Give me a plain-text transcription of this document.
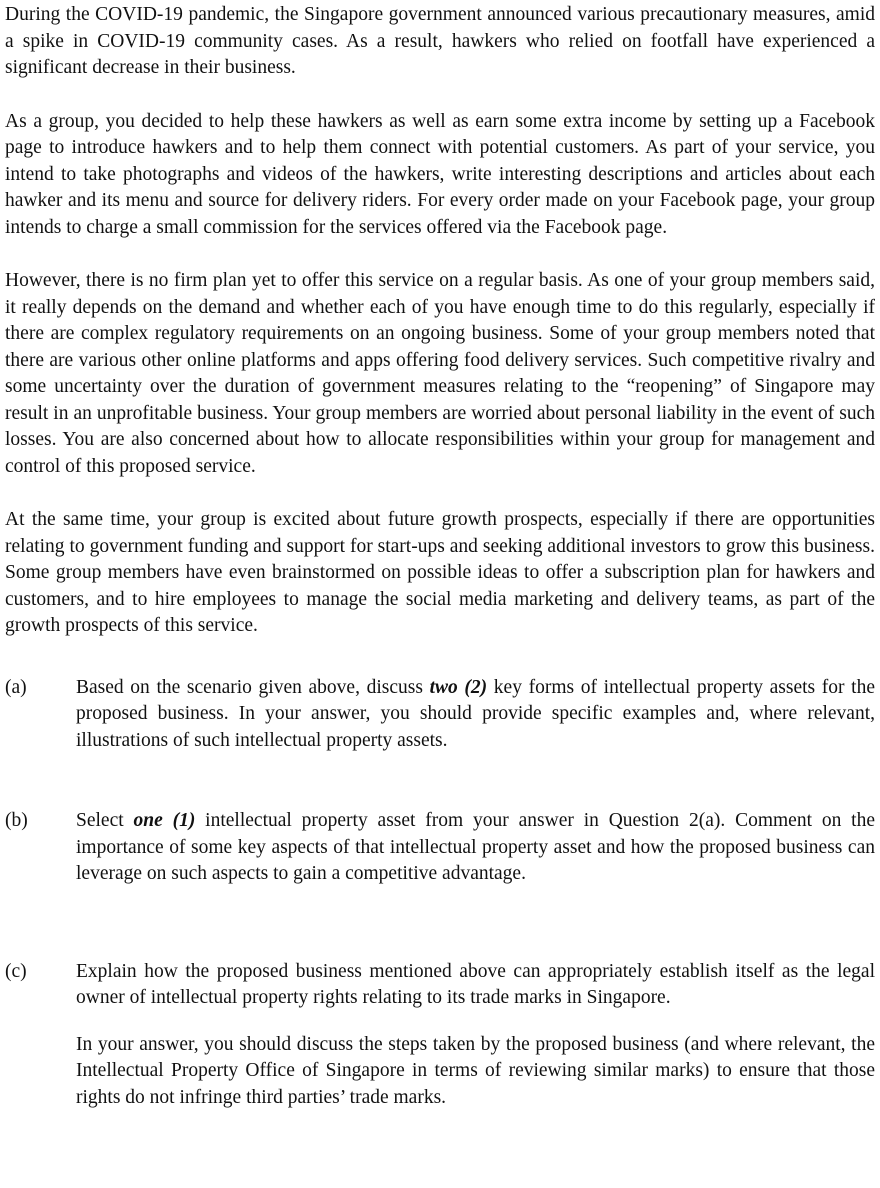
During the COVID-19 pandemic, the Singapore government announced various precautionary measures, amid a spike in COVID-19 community cases. As a result, hawkers who relied on footfall have experienced a significant decrease in their business.

As a group, you decided to help these hawkers as well as earn some extra income by setting up a Facebook page to introduce hawkers and to help them connect with potential customers. As part of your service, you intend to take photographs and videos of the hawkers, write interesting descriptions and articles about each hawker and its menu and source for delivery riders. For every order made on your Facebook page, your group intends to charge a small commission for the services offered via the Facebook page.

However, there is no firm plan yet to offer this service on a regular basis. As one of your group members said, it really depends on the demand and whether each of you have enough time to do this regularly, especially if there are complex regulatory requirements on an ongoing business. Some of your group members noted that there are various other online platforms and apps offering food delivery services. Such competitive rivalry and some uncertainty over the duration of government measures relating to the “reopening” of Singapore may result in an unprofitable business. Your group members are worried about personal liability in the event of such losses. You are also concerned about how to allocate responsibilities within your group for management and control of this proposed service.

At the same time, your group is excited about future growth prospects, especially if there are opportunities relating to government funding and support for start-ups and seeking additional investors to grow this business. Some group members have even brainstormed on possible ideas to offer a subscription plan for hawkers and customers, and to hire employees to manage the social media marketing and delivery teams, as part of the growth prospects of this service.

(a)	Based on the scenario given above, discuss two (2) key forms of intellectual property assets for the proposed business. In your answer, you should provide specific examples and, where relevant, illustrations of such intellectual property assets.

(b)	Select one (1) intellectual property asset from your answer in Question 2(a). Comment on the importance of some key aspects of that intellectual property asset and how the proposed business can leverage on such aspects to gain a competitive advantage.

(c)	Explain how the proposed business mentioned above can appropriately establish itself as the legal owner of intellectual property rights relating to its trade marks in Singapore.

In your answer, you should discuss the steps taken by the proposed business (and where relevant, the Intellectual Property Office of Singapore in terms of reviewing similar marks) to ensure that those rights do not infringe third parties’ trade marks.
